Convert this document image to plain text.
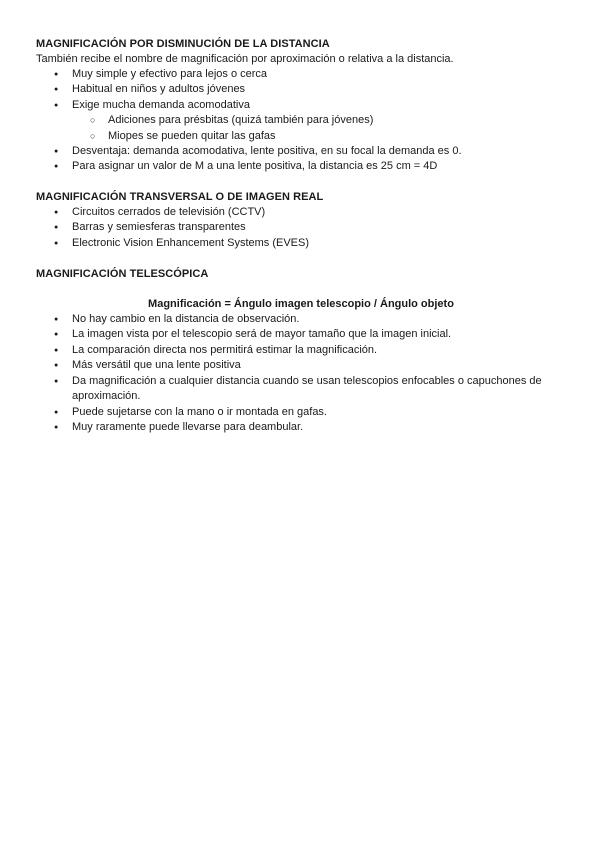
MAGNIFICACIÓN POR DISMINUCIÓN DE LA DISTANCIA

También recibe el nombre de magnificación por aproximación o relativa a la distancia.

● Muy simple y efectivo para lejos o cerca
● Habitual en niños y adultos jóvenes
● Exige mucha demanda acomodativa
○ Adiciones para présbitas (quizá también para jóvenes)
○ Miopes se pueden quitar las gafas
● Desventaja: demanda acomodativa, lente positiva, en su focal la demanda es 0.
● Para asignar un valor de M a una lente positiva, la distancia es 25 cm = 4D
MAGNIFICACIÓN TRANSVERSAL O DE IMAGEN REAL
● Circuitos cerrados de televisión (CCTV)
● Barras y semiesferas transparentes
● Electronic Vision Enhancement Systems (EVES)
MAGNIFICACIÓN TELESCÓPICA

Magnificación = Ángulo imagen telescopio / Ángulo objeto

● No hay cambio en la distancia de observación.
● La imagen vista por el telescopio será de mayor tamaño que la imagen inicial.
● La comparación directa nos permitirá estimar la magnificación.
● Más versátil que una lente positiva
● Da magnificación a cualquier distancia cuando se usan telescopios enfocables o capuchones de aproximación.
● Puede sujetarse con la mano o ir montada en gafas.
● Muy raramente puede llevarse para deambular.
